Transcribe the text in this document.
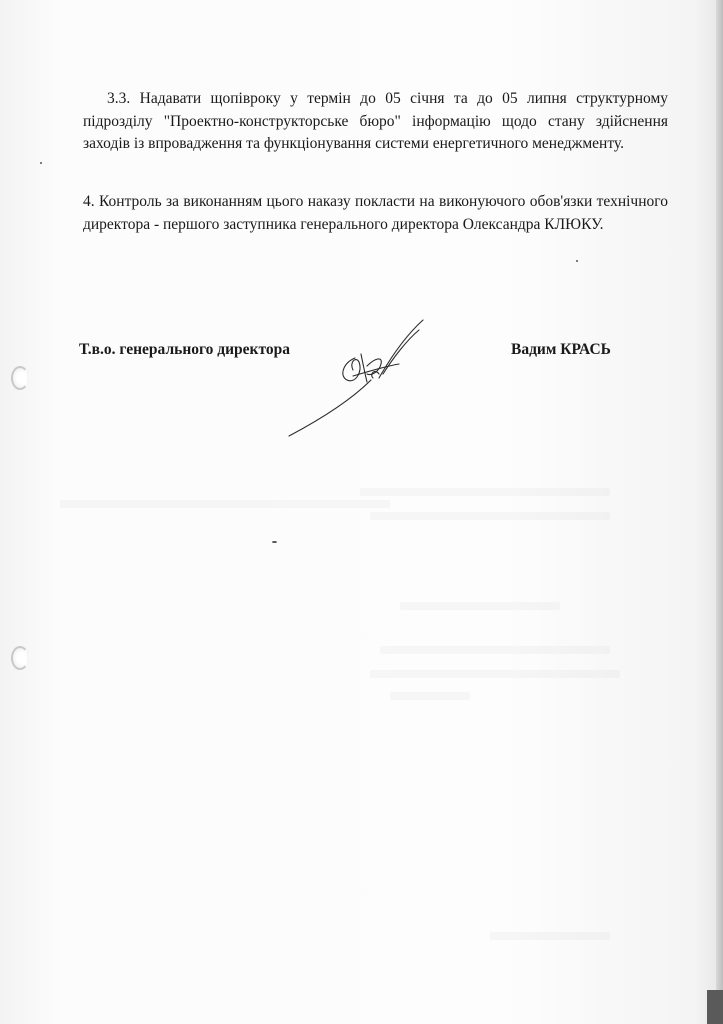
3.3. Надавати щопівроку у термін до 05 січня та до 05 липня структурному підрозділу "Проектно-конструкторське бюро" інформацію щодо стану здійснення заходів із впровадження та функціонування системи енергетичного менеджменту.

4. Контроль за виконанням цього наказу покласти на виконуючого обов'язки технічного директора - першого заступника генерального директора Олександра КЛЮКУ.

Т.в.о. генерального директора	Вадим КРАСЬ
